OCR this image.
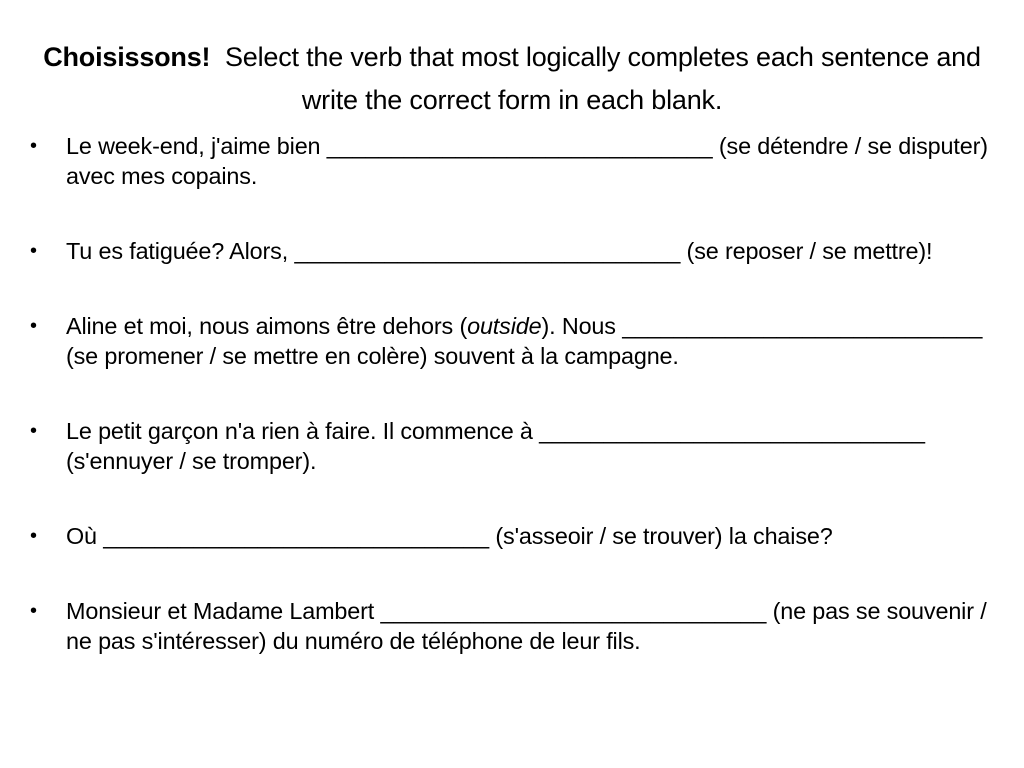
Choisissons! Select the verb that most logically completes each sentence and write the correct form in each blank.
•	Le week-end, j'aime bien ______________________________ (se détendre / se disputer) avec mes copains.
•	Tu es fatiguée? Alors, ______________________________ (se reposer / se mettre)!
•	Aline et moi, nous aimons être dehors (outside). Nous ____________________________ (se promener / se mettre en colère) souvent à la campagne.
•	Le petit garçon n'a rien à faire. Il commence à ______________________________ (s'ennuyer / se tromper).
•	Où ______________________________ (s'asseoir / se trouver) la chaise?
•	Monsieur et Madame Lambert ______________________________ (ne pas se souvenir / ne pas s'intéresser) du numéro de téléphone de leur fils.
